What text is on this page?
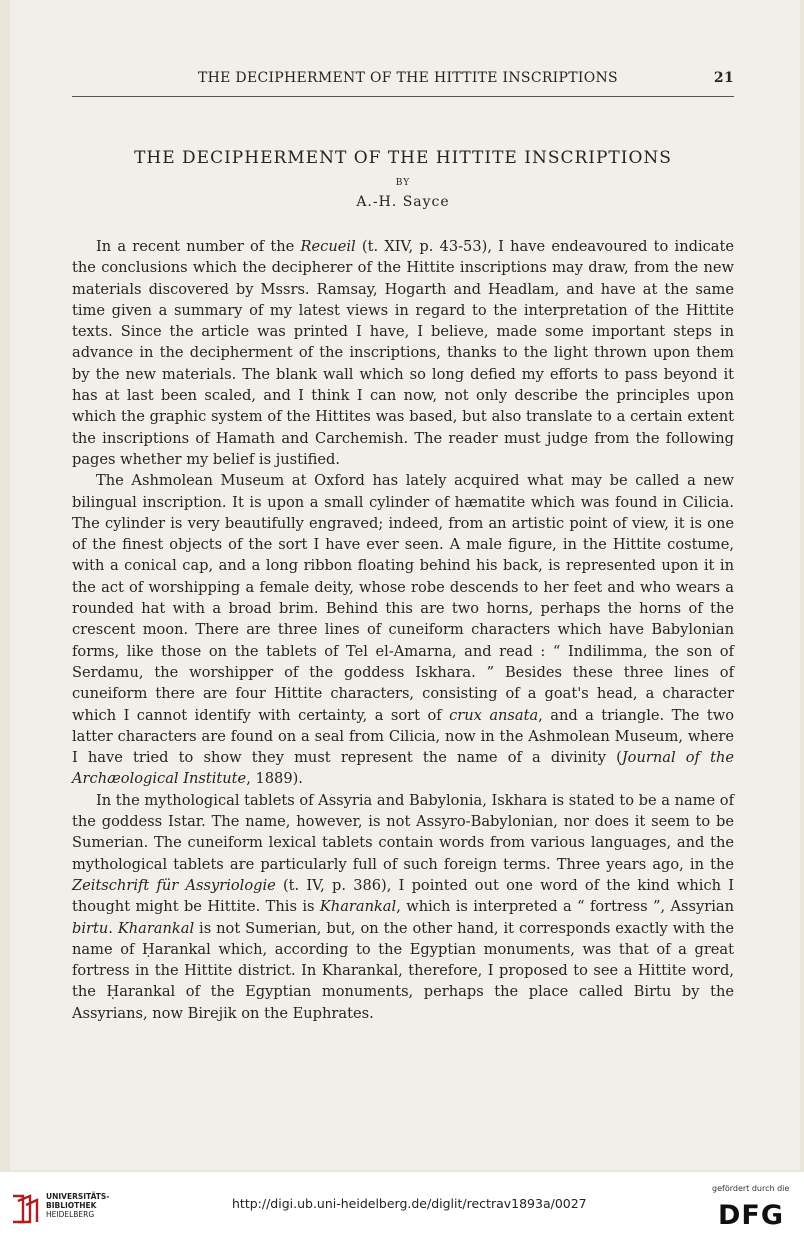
THE DECIPHERMENT OF THE HITTITE INSCRIPTIONS	21
THE DECIPHERMENT OF THE HITTITE INSCRIPTIONS
BY
A.-H. Sayce

In a recent number of the Recueil (t. XIV, p. 43-53), I have endeavoured to indicate the conclusions which the decipherer of the Hittite inscriptions may draw, from the new materials discovered by Mssrs. Ramsay, Hogarth and Headlam, and have at the same time given a summary of my latest views in regard to the interpretation of the Hittite texts. Since the article was printed I have, I believe, made some important steps in advance in the decipherment of the inscriptions, thanks to the light thrown upon them by the new materials. The blank wall which so long defied my efforts to pass beyond it has at last been scaled, and I think I can now, not only describe the principles upon which the graphic system of the Hittites was based, but also translate to a certain extent the inscriptions of Hamath and Carchemish. The reader must judge from the following pages whether my belief is justified.

The Ashmolean Museum at Oxford has lately acquired what may be called a new bilingual inscription. It is upon a small cylinder of hæmatite which was found in Cilicia. The cylinder is very beautifully engraved; indeed, from an artistic point of view, it is one of the finest objects of the sort I have ever seen. A male figure, in the Hittite costume, with a conical cap, and a long ribbon floating behind his back, is represented upon it in the act of worshipping a female deity, whose robe descends to her feet and who wears a rounded hat with a broad brim. Behind this are two horns, perhaps the horns of the crescent moon. There are three lines of cuneiform characters which have Babylonian forms, like those on the tablets of Tel el-Amarna, and read : “ Indilimma, the son of Serdamu, the worshipper of the goddess Iskhara. ” Besides these three lines of cuneiform there are four Hittite characters, consisting of a goat's head, a character which I cannot identify with certainty, a sort of crux ansata, and a triangle. The two latter characters are found on a seal from Cilicia, now in the Ashmolean Museum, where I have tried to show they must represent the name of a divinity (Journal of the Archæological Institute, 1889).

In the mythological tablets of Assyria and Babylonia, Iskhara is stated to be a name of the goddess Istar. The name, however, is not Assyro-Babylonian, nor does it seem to be Sumerian. The cuneiform lexical tablets contain words from various languages, and the mythological tablets are particularly full of such foreign terms. Three years ago, in the Zeitschrift für Assyriologie (t. IV, p. 386), I pointed out one word of the kind which I thought might be Hittite. This is Kharankal, which is interpreted a “ fortress ”, Assyrian birtu. Kharankal is not Sumerian, but, on the other hand, it corresponds exactly with the name of Ḥarankal which, according to the Egyptian monuments, was that of a great fortress in the Hittite district. In Kharankal, therefore, I proposed to see a Hittite word, the Ḥarankal of the Egyptian monuments, perhaps the place called Birtu by the Assyrians, now Birejik on the Euphrates.

UNIVERSITÄTS-
BIBLIOTHEK
HEIDELBERG
http://digi.ub.uni-heidelberg.de/diglit/rectrav1893a/0027
gefördert durch die
DFG
